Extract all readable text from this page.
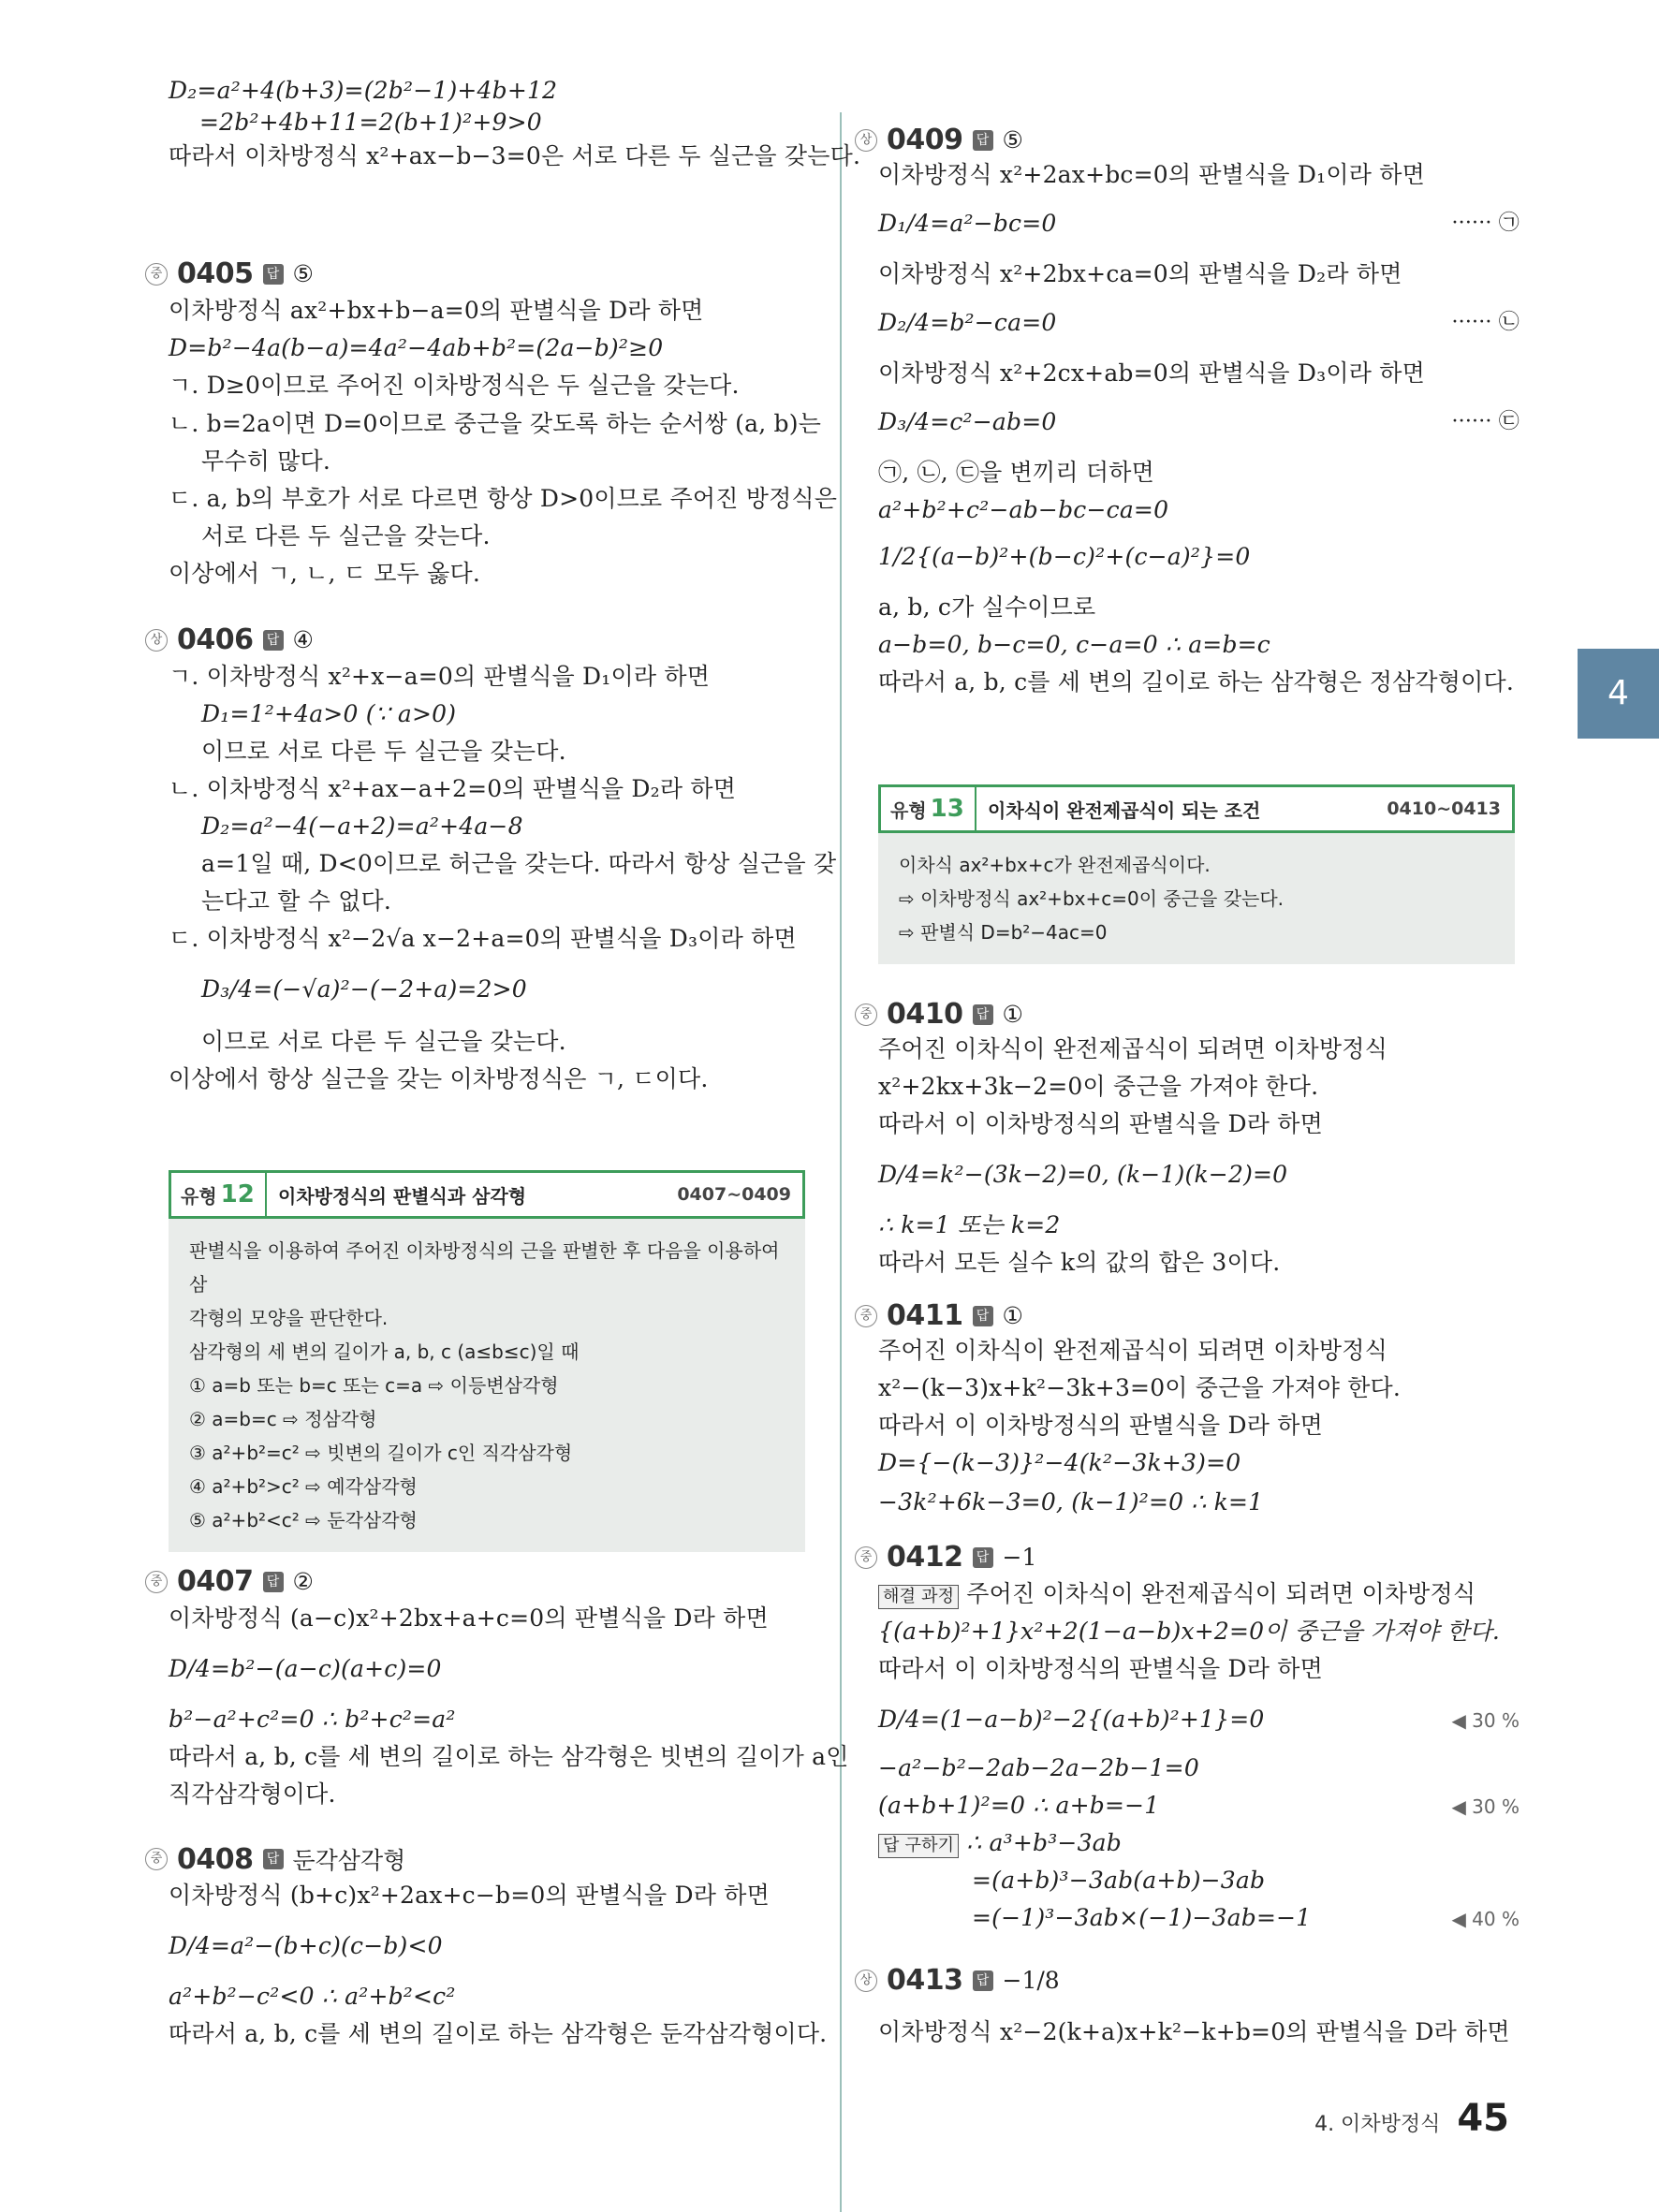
4
D₂=a²+4(b+3)=(2b²−1)+4b+12
=2b²+4b+11=2(b+1)²+9>0
따라서 이차방정식 x²+ax−b−3=0은 서로 다른 두 실근을 갖는다.
중 0405	답 ⑤
이차방정식 ax²+bx+b−a=0의 판별식을 D라 하면
D=b²−4a(b−a)=4a²−4ab+b²=(2a−b)²≥0
ㄱ. D≥0이므로 주어진 이차방정식은 두 실근을 갖는다.
ㄴ. b=2a이면 D=0이므로 중근을 갖도록 하는 순서쌍 (a, b)는
무수히 많다.
ㄷ. a, b의 부호가 서로 다르면 항상 D>0이므로 주어진 방정식은
서로 다른 두 실근을 갖는다.
이상에서 ㄱ, ㄴ, ㄷ 모두 옳다.
상 0406	답 ④
ㄱ. 이차방정식 x²+x−a=0의 판별식을 D₁이라 하면
D₁=1²+4a>0 (∵ a>0)
이므로 서로 다른 두 실근을 갖는다.
ㄴ. 이차방정식 x²+ax−a+2=0의 판별식을 D₂라 하면
D₂=a²−4(−a+2)=a²+4a−8
a=1일 때, D<0이므로 허근을 갖는다. 따라서 항상 실근을 갖
는다고 할 수 없다.
ㄷ. 이차방정식 x²−2√a x−2+a=0의 판별식을 D₃이라 하면
D₃/4=(−√a)²−(−2+a)=2>0
이므로 서로 다른 두 실근을 갖는다.
이상에서 항상 실근을 갖는 이차방정식은 ㄱ, ㄷ이다.
유형 12	이차방정식의 판별식과 삼각형	0407~0409
판별식을 이용하여 주어진 이차방정식의 근을 판별한 후 다음을 이용하여 삼
각형의 모양을 판단한다.
삼각형의 세 변의 길이가 a, b, c (a≤b≤c)일 때
① a=b 또는 b=c 또는 c=a ⇨ 이등변삼각형
② a=b=c ⇨ 정삼각형
③ a²+b²=c² ⇨ 빗변의 길이가 c인 직각삼각형
④ a²+b²>c² ⇨ 예각삼각형
⑤ a²+b²<c² ⇨ 둔각삼각형
중 0407	답 ②
이차방정식 (a−c)x²+2bx+a+c=0의 판별식을 D라 하면
D/4=b²−(a−c)(a+c)=0
b²−a²+c²=0 ∴ b²+c²=a²
따라서 a, b, c를 세 변의 길이로 하는 삼각형은 빗변의 길이가 a인
직각삼각형이다.
중 0408	답 둔각삼각형
이차방정식 (b+c)x²+2ax+c−b=0의 판별식을 D라 하면
D/4=a²−(b+c)(c−b)<0
a²+b²−c²<0 ∴ a²+b²<c²
따라서 a, b, c를 세 변의 길이로 하는 삼각형은 둔각삼각형이다.
상 0409	답 ⑤
이차방정식 x²+2ax+bc=0의 판별식을 D₁이라 하면
D₁/4=a²−bc=0	······ ㉠
이차방정식 x²+2bx+ca=0의 판별식을 D₂라 하면
D₂/4=b²−ca=0	······ ㉡
이차방정식 x²+2cx+ab=0의 판별식을 D₃이라 하면
D₃/4=c²−ab=0	······ ㉢
㉠, ㉡, ㉢을 변끼리 더하면
a²+b²+c²−ab−bc−ca=0
1/2{(a−b)²+(b−c)²+(c−a)²}=0
a, b, c가 실수이므로
a−b=0, b−c=0, c−a=0 ∴ a=b=c
따라서 a, b, c를 세 변의 길이로 하는 삼각형은 정삼각형이다.
유형 13	이차식이 완전제곱식이 되는 조건	0410~0413
이차식 ax²+bx+c가 완전제곱식이다.
⇨ 이차방정식 ax²+bx+c=0이 중근을 갖는다.
⇨ 판별식 D=b²−4ac=0
중 0410	답 ①
주어진 이차식이 완전제곱식이 되려면 이차방정식
x²+2kx+3k−2=0이 중근을 가져야 한다.
따라서 이 이차방정식의 판별식을 D라 하면
D/4=k²−(3k−2)=0, (k−1)(k−2)=0
∴ k=1 또는 k=2
따라서 모든 실수 k의 값의 합은 3이다.
중 0411	답 ①
주어진 이차식이 완전제곱식이 되려면 이차방정식
x²−(k−3)x+k²−3k+3=0이 중근을 가져야 한다.
따라서 이 이차방정식의 판별식을 D라 하면
D={−(k−3)}²−4(k²−3k+3)=0
−3k²+6k−3=0, (k−1)²=0 ∴ k=1
중 0412	답 −1
해결 과정 주어진 이차식이 완전제곱식이 되려면 이차방정식
{(a+b)²+1}x²+2(1−a−b)x+2=0이 중근을 가져야 한다.
따라서 이 이차방정식의 판별식을 D라 하면
D/4=(1−a−b)²−2{(a+b)²+1}=0	◀ 30 %
−a²−b²−2ab−2a−2b−1=0
(a+b+1)²=0 ∴ a+b=−1	◀ 30 %
답 구하기 ∴ a³+b³−3ab
=(a+b)³−3ab(a+b)−3ab
=(−1)³−3ab×(−1)−3ab=−1	◀ 40 %
상 0413	답 −1/8
이차방정식 x²−2(k+a)x+k²−k+b=0의 판별식을 D라 하면
4. 이차방정식 45
